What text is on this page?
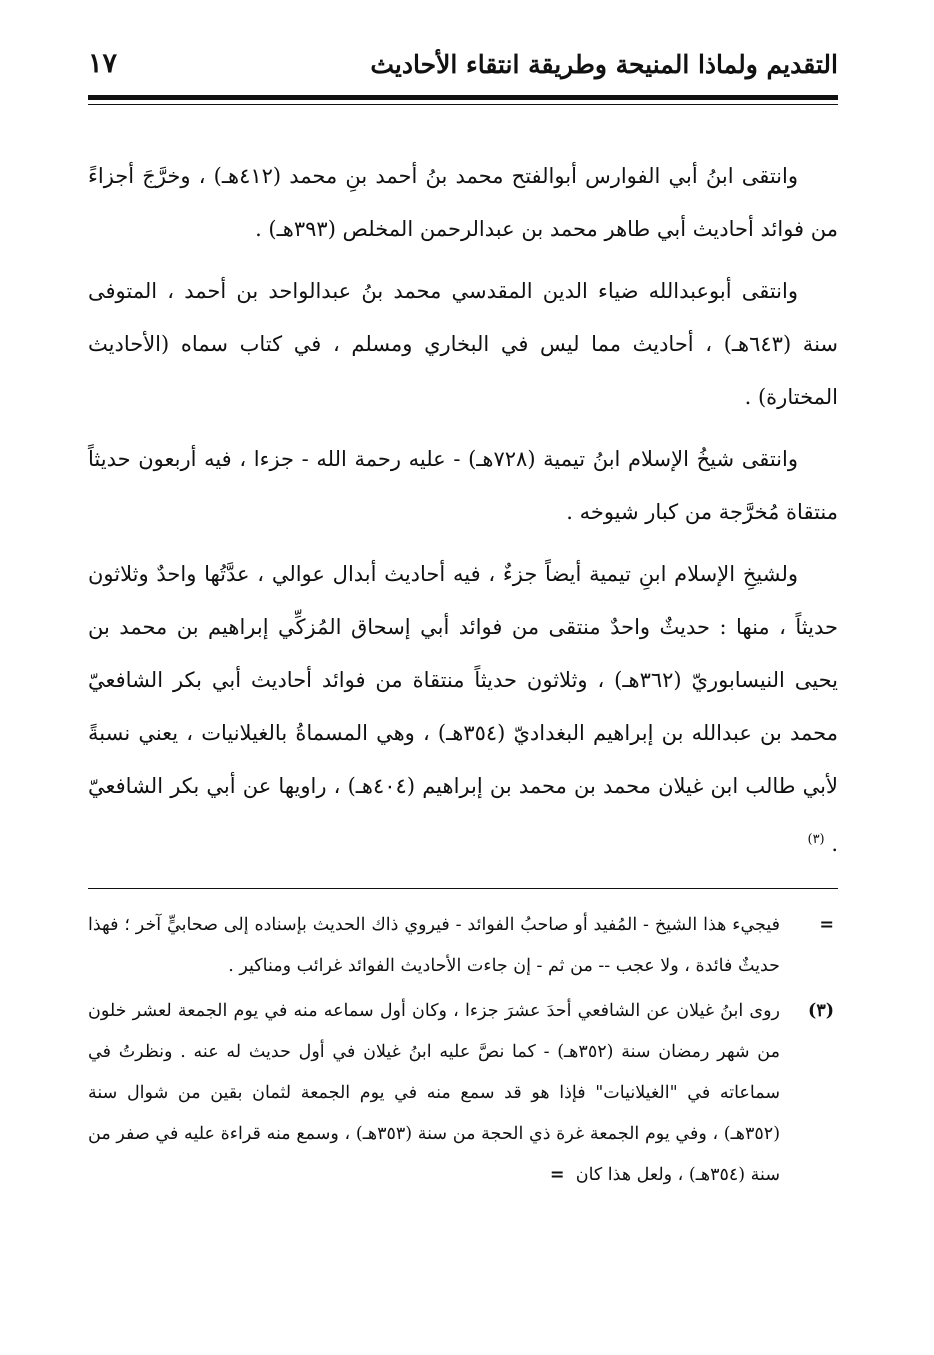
التقديم ولماذا المنيحة وطريقة انتقاء الأحاديث
١٧

وانتقى ابنُ أبي الفوارس أبوالفتح محمد بنُ أحمد بنِ محمد (٤١٢هـ) ، وخرَّجَ أجزاءً من فوائد أحاديث أبي طاهر محمد بن عبدالرحمن المخلص (٣٩٣هـ) .

وانتقى أبوعبدالله ضياء الدين المقدسي محمد بنُ عبدالواحد بن أحمد ، المتوفى سنة (٦٤٣هـ) ، أحاديث مما ليس في البخاري ومسلم ، في كتاب سماه (الأحاديث المختارة) .

وانتقى شيخُ الإسلام ابنُ تيمية (٧٢٨هـ) - عليه رحمة الله - جزءا ، فيه أربعون حديثاً منتقاة مُخرَّجة من كبار شيوخه .

ولشيخِ الإسلام ابنِ تيمية أيضاً جزءٌ ، فيه أحاديث أبدال عوالي ، عدَّتُها واحدٌ وثلاثون حديثاً ، منها : حديثٌ واحدٌ منتقى من فوائد أبي إسحاق المُزكِّي إبراهيم بن محمد بن يحيى النيسابوريّ (٣٦٢هـ) ، وثلاثون حديثاً منتقاة من فوائد أحاديث أبي بكر الشافعيّ محمد بن عبدالله بن إبراهيم البغداديّ (٣٥٤هـ) ، وهي المسماةُ بالغيلانيات ، يعني نسبةً لأبي طالب ابن غيلان محمد بن محمد بن إبراهيم (٤٠٤هـ) ، راويها عن أبي بكر الشافعيّ . $^{(٣)}$

=
فيجيء هذا الشيخ - المُفيد أو صاحبُ الفوائد - فيروي ذاك الحديث بإسناده إلى صحابيٍّ آخر ؛ فهذا حديثٌ فائدة ، ولا عجب -- من ثم - إن جاءت الأحاديث الفوائد غرائب ومناكير .
(٣)
روى ابنُ غيلان عن الشافعي أحدَ عشرَ جزءا ، وكان أول سماعه منه في يوم الجمعة لعشر خلون من شهر رمضان سنة (٣٥٢هـ) - كما نصَّ عليه ابنُ غيلان في أول حديث له عنه . ونظرتُ في سماعاته في "الغيلانيات" فإذا هو قد سمع منه في يوم الجمعة لثمان بقين من شوال سنة (٣٥٢هـ) ، وفي يوم الجمعة غرة ذي الحجة من سنة (٣٥٣هـ) ، وسمع منه قراءة عليه في صفر من سنة (٣٥٤هـ) ، ولعل هذا كان  =
